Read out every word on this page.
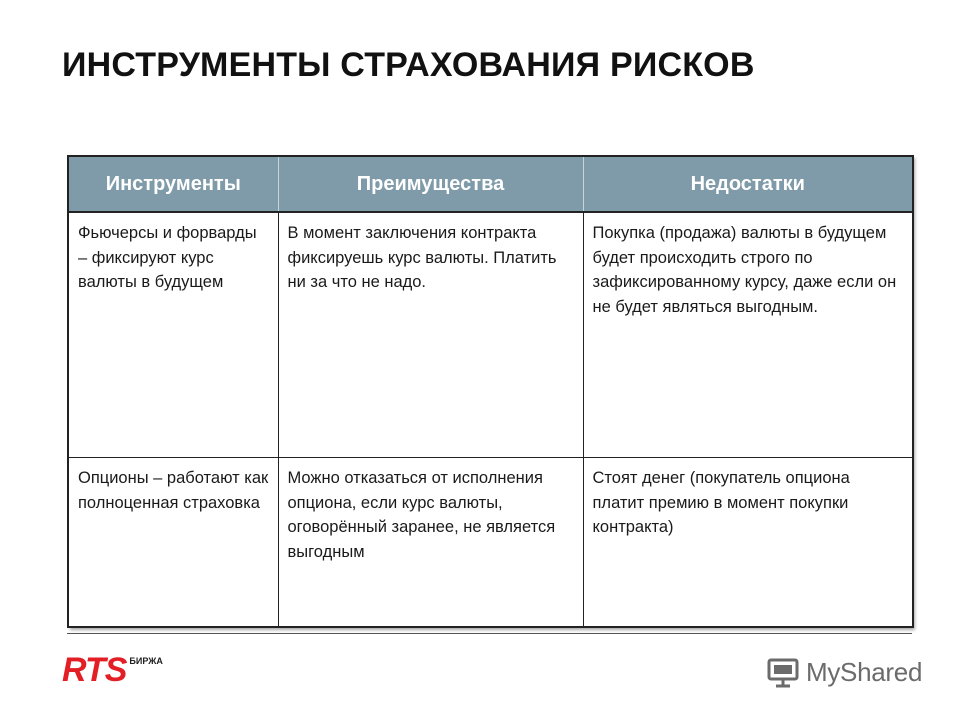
ИНСТРУМЕНТЫ СТРАХОВАНИЯ РИСКОВ
Инструменты	Преимущества	Недостатки
Фьючерсы и форварды – фиксируют курс валюты в будущем	В момент заключения контракта фиксируешь курс валюты. Платить ни за что не надо.	Покупка (продажа) валюты в будущем будет происходить строго по зафиксированному курсу, даже если он не будет являться выгодным.
Опционы – работают как полноценная страховка	Можно отказаться от исполнения опциона, если курс валюты, оговорённый заранее, не является выгодным	Стоят денег (покупатель опциона платит премию в момент покупки контракта)
RTS БИРЖА	MyShared
